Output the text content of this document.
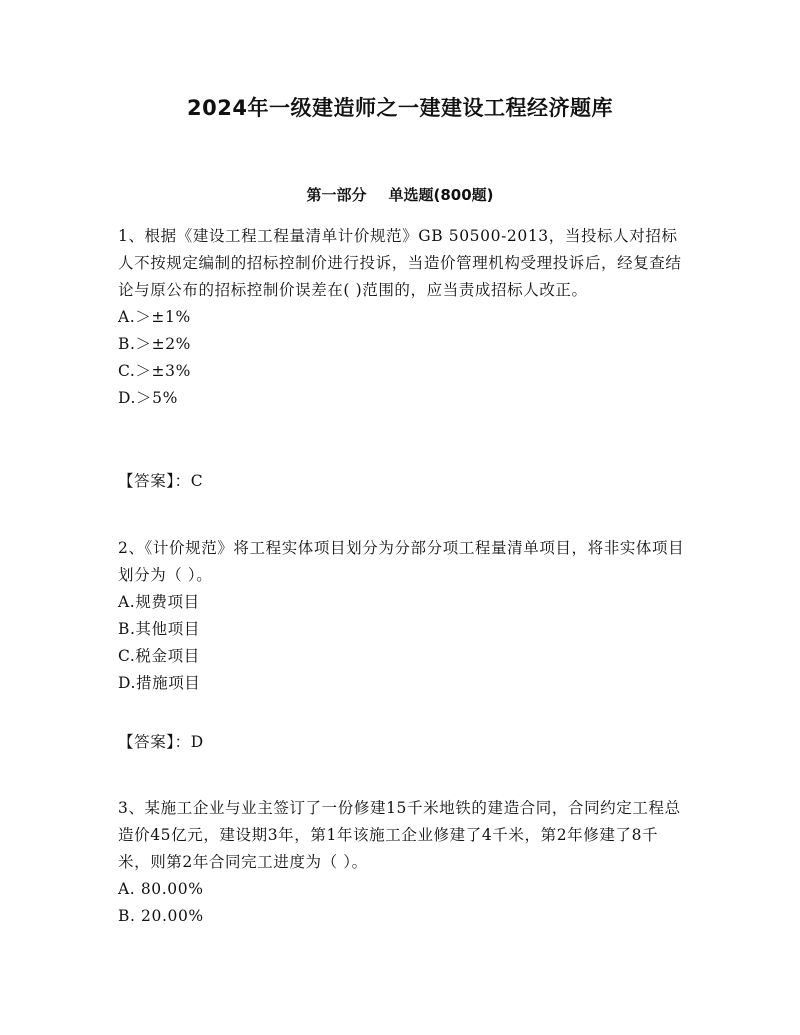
2024年一级建造师之一建建设工程经济题库
第一部分 单选题(800题)

1、根据《建设工程工程量清单计价规范》GB 50500-2013，当投标人对招标人不按规定编制的招标控制价进行投诉，当造价管理机构受理投诉后，经复查结论与原公布的招标控制价误差在( )范围的，应当责成招标人改正。

A.＞±1%

B.＞±2%

C.＞±3%

D.＞5%

【答案】：C

2、《计价规范》将工程实体项目划分为分部分项工程量清单项目，将非实体项目划分为（ ）。

A.规费项目

B.其他项目

C.税金项目

D.措施项目

【答案】：D

3、某施工企业与业主签订了一份修建15千米地铁的建造合同，合同约定工程总造价45亿元，建设期3年，第1年该施工企业修建了4千米，第2年修建了8千米，则第2年合同完工进度为（ ）。

A. 80.00%

B. 20.00%
